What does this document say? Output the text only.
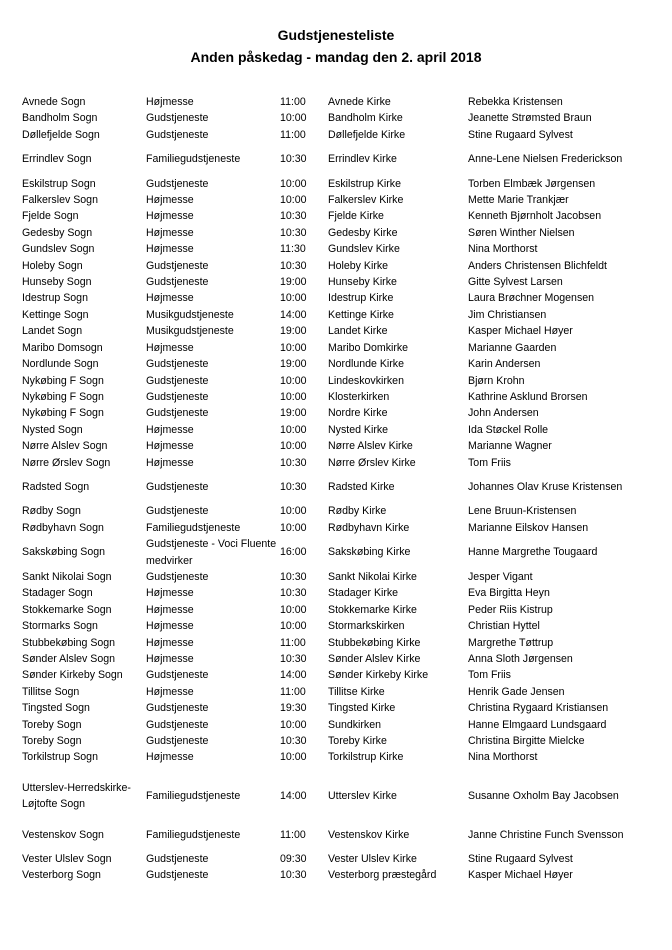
Gudstjenesteliste
Anden påskedag - mandag den 2. april 2018
Avnede Sogn	Højmesse	11:00	Avnede Kirke	Rebekka Kristensen
Bandholm Sogn	Gudstjeneste	10:00	Bandholm Kirke	Jeanette Strømsted Braun
Døllefjelde Sogn	Gudstjeneste	11:00	Døllefjelde Kirke	Stine Rugaard Sylvest
Errindlev Sogn	Familiegudstjeneste	10:30	Errindlev Kirke	Anne-Lene Nielsen Frederickson
Eskilstrup Sogn	Gudstjeneste	10:00	Eskilstrup Kirke	Torben Elmbæk Jørgensen
Falkerslev Sogn	Højmesse	10:00	Falkerslev Kirke	Mette Marie Trankjær
Fjelde Sogn	Højmesse	10:30	Fjelde Kirke	Kenneth Bjørnholt Jacobsen
Gedesby Sogn	Højmesse	10:30	Gedesby Kirke	Søren Winther Nielsen
Gundslev Sogn	Højmesse	11:30	Gundslev Kirke	Nina Morthorst
Holeby Sogn	Gudstjeneste	10:30	Holeby Kirke	Anders Christensen Blichfeldt
Hunseby Sogn	Gudstjeneste	19:00	Hunseby Kirke	Gitte Sylvest Larsen
Idestrup Sogn	Højmesse	10:00	Idestrup Kirke	Laura Brøchner Mogensen
Kettinge Sogn	Musikgudstjeneste	14:00	Kettinge Kirke	Jim Christiansen
Landet Sogn	Musikgudstjeneste	19:00	Landet Kirke	Kasper Michael Høyer
Maribo Domsogn	Højmesse	10:00	Maribo Domkirke	Marianne Gaarden
Nordlunde Sogn	Gudstjeneste	19:00	Nordlunde Kirke	Karin Andersen
Nykøbing F Sogn	Gudstjeneste	10:00	Lindeskovkirken	Bjørn Krohn
Nykøbing F Sogn	Gudstjeneste	10:00	Klosterkirken	Kathrine Asklund Brorsen
Nykøbing F Sogn	Gudstjeneste	19:00	Nordre Kirke	John Andersen
Nysted Sogn	Højmesse	10:00	Nysted Kirke	Ida Støckel Rolle
Nørre Alslev Sogn	Højmesse	10:00	Nørre Alslev Kirke	Marianne Wagner
Nørre Ørslev Sogn	Højmesse	10:30	Nørre Ørslev Kirke	Tom Friis
Radsted Sogn	Gudstjeneste	10:30	Radsted Kirke	Johannes Olav Kruse Kristensen
Rødby Sogn	Gudstjeneste	10:00	Rødby Kirke	Lene Bruun-Kristensen
Rødbyhavn Sogn	Familiegudstjeneste	10:00	Rødbyhavn Kirke	Marianne Eilskov Hansen
Sakskøbing Sogn	Gudstjeneste - Voci Fluente medvirker	16:00	Sakskøbing Kirke	Hanne Margrethe Tougaard
Sankt Nikolai Sogn	Gudstjeneste	10:30	Sankt Nikolai Kirke	Jesper Vigant
Stadager Sogn	Højmesse	10:30	Stadager Kirke	Eva Birgitta Heyn
Stokkemarke Sogn	Højmesse	10:00	Stokkemarke Kirke	Peder Riis Kistrup
Stormarks Sogn	Højmesse	10:00	Stormarkskirken	Christian Hyttel
Stubbekøbing Sogn	Højmesse	11:00	Stubbekøbing Kirke	Margrethe Tøttrup
Sønder Alslev Sogn	Højmesse	10:30	Sønder Alslev Kirke	Anna Sloth Jørgensen
Sønder Kirkeby Sogn	Gudstjeneste	14:00	Sønder Kirkeby Kirke	Tom Friis
Tillitse Sogn	Højmesse	11:00	Tillitse Kirke	Henrik Gade Jensen
Tingsted Sogn	Gudstjeneste	19:30	Tingsted Kirke	Christina Rygaard Kristiansen
Toreby Sogn	Gudstjeneste	10:00	Sundkirken	Hanne Elmgaard Lundsgaard
Toreby Sogn	Gudstjeneste	10:30	Toreby Kirke	Christina Birgitte Mielcke
Torkilstrup Sogn	Højmesse	10:00	Torkilstrup Kirke	Nina Morthorst
Utterslev-Herredskirke-Løjtofte Sogn	Familiegudstjeneste	14:00	Utterslev Kirke	Susanne Oxholm Bay Jacobsen
Vestenskov Sogn	Familiegudstjeneste	11:00	Vestenskov Kirke	Janne Christine Funch Svensson
Vester Ulslev Sogn	Gudstjeneste	09:30	Vester Ulslev Kirke	Stine Rugaard Sylvest
Vesterborg Sogn	Gudstjeneste	10:30	Vesterborg præstegård	Kasper Michael Høyer
